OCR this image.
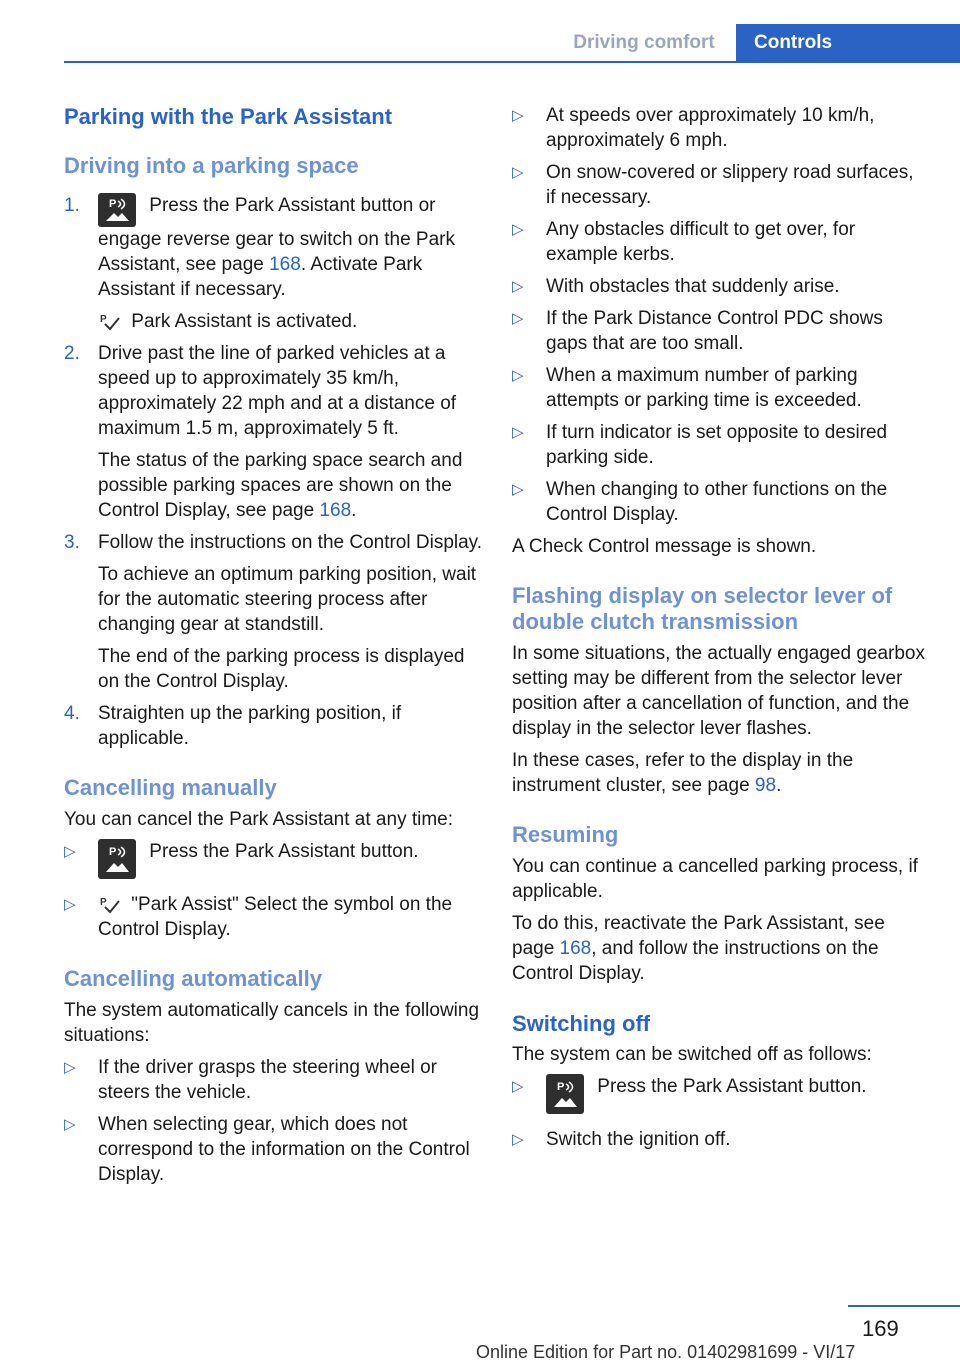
Driving comfort	Controls
Parking with the Park Assistant
Driving into a parking space
1.	P Press the Park Assistant button or engage reverse gear to switch on the Park Assistant, see page 168. Activate Park Assistant if necessary.
P Park Assistant is activated.
2. Drive past the line of parked vehicles at a speed up to approximately 35 km/h, approximately 22 mph and at a distance of maximum 1.5 m, approximately 5 ft.
The status of the parking space search and possible parking spaces are shown on the Control Display, see page 168.
3. Follow the instructions on the Control Display.
To achieve an optimum parking position, wait for the automatic steering process after changing gear at standstill.
The end of the parking process is displayed on the Control Display.
4. Straighten up the parking position, if applicable.
Cancelling manually

You can cancel the Park Assistant at any time:

▷	P Press the Park Assistant button.
▷	P "Park Assist" Select the symbol on the Control Display.
Cancelling automatically

The system automatically cancels in the following situations:

▷	If the driver grasps the steering wheel or steers the vehicle.
▷	When selecting gear, which does not correspond to the information on the Control Display.
▷	At speeds over approximately 10 km/h, approximately 6 mph.
▷	On snow-covered or slippery road surfaces, if necessary.
▷	Any obstacles difficult to get over, for example kerbs.
▷	With obstacles that suddenly arise.
▷	If the Park Distance Control PDC shows gaps that are too small.
▷	When a maximum number of parking attempts or parking time is exceeded.
▷	If turn indicator is set opposite to desired parking side.
▷	When changing to other functions on the Control Display.

A Check Control message is shown.

Flashing display on selector lever of double clutch transmission

In some situations, the actually engaged gearbox setting may be different from the selector lever position after a cancellation of function, and the display in the selector lever flashes.

In these cases, refer to the display in the instrument cluster, see page 98.

Resuming

You can continue a cancelled parking process, if applicable.

To do this, reactivate the Park Assistant, see page 168, and follow the instructions on the Control Display.

Switching off

The system can be switched off as follows:

▷	P Press the Park Assistant button.
▷	Switch the ignition off.
169
Online Edition for Part no. 01402981699 - VI/17
